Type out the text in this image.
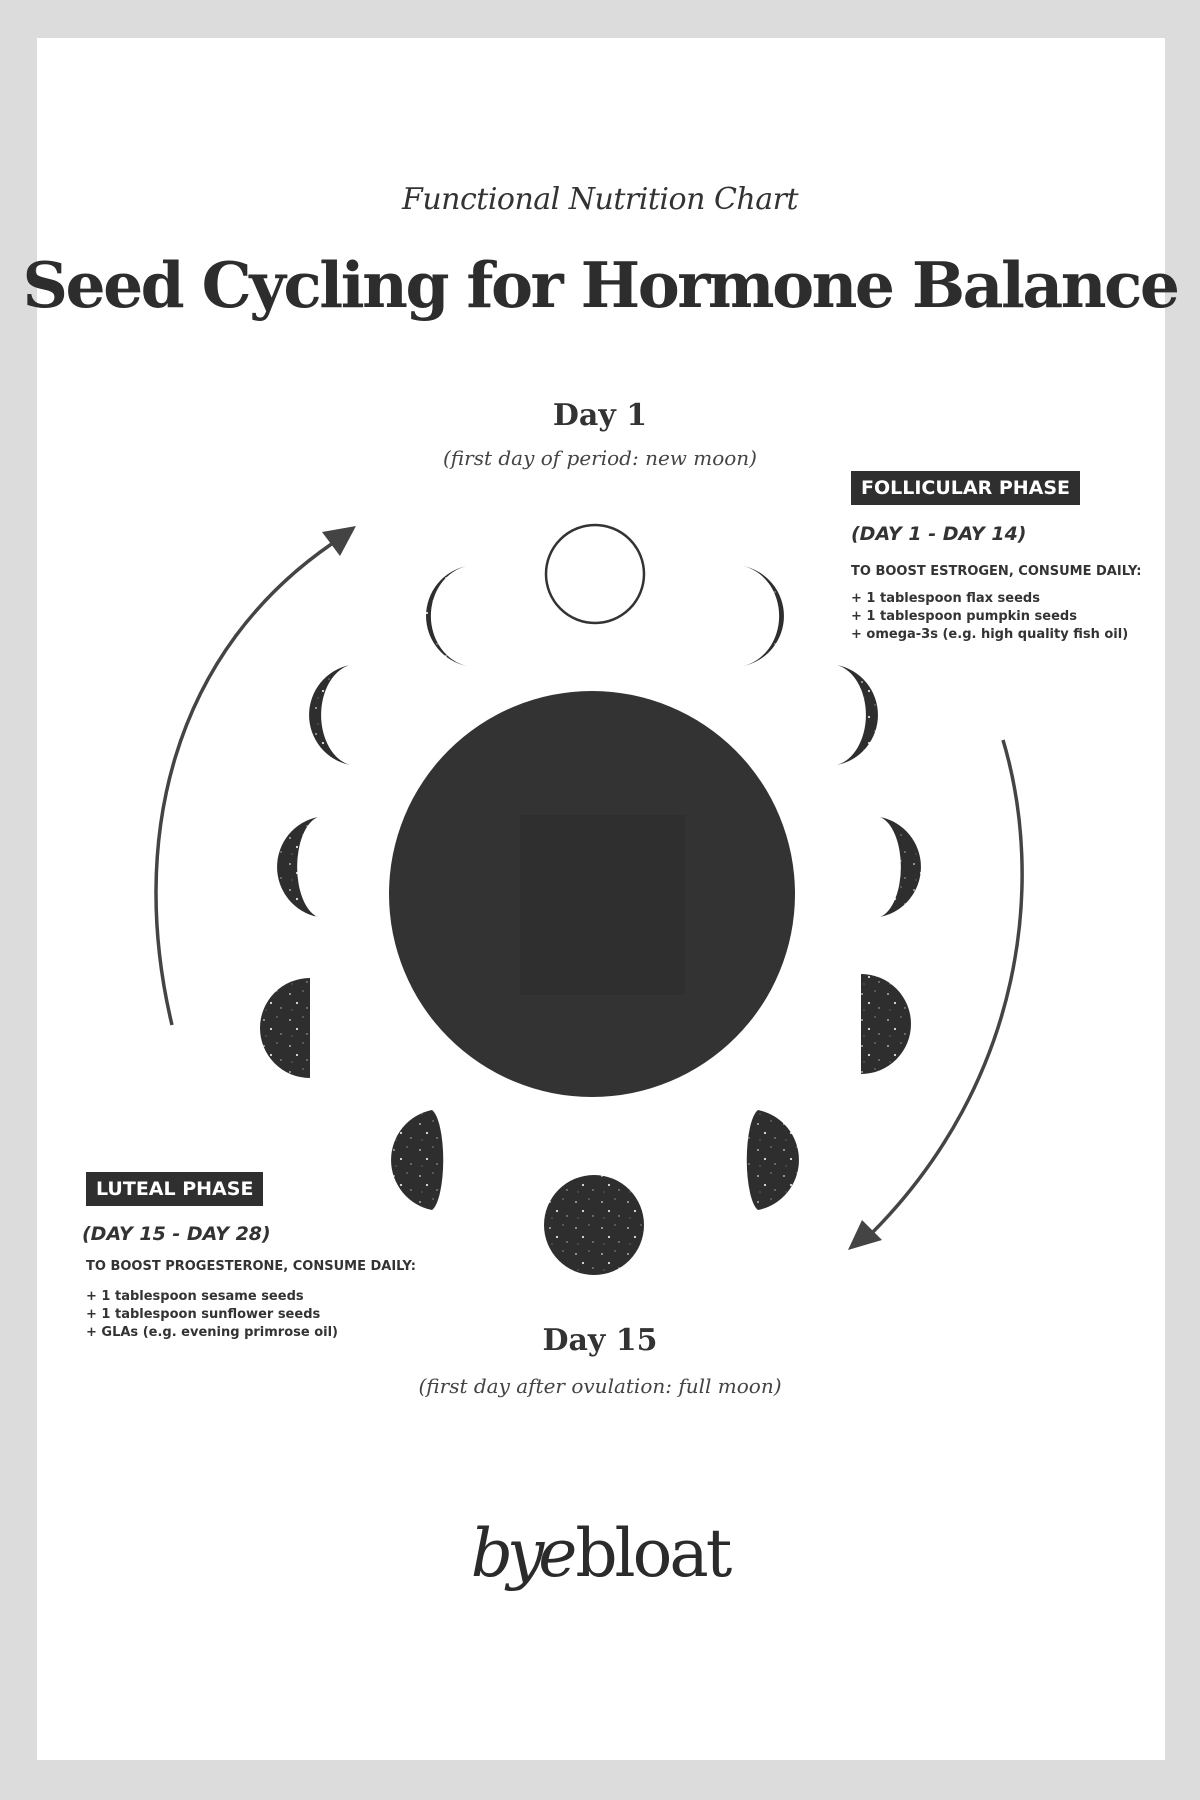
Functional Nutrition Chart
Seed Cycling for Hormone Balance
Day 1
(first day of period: new moon)
FOLLICULAR PHASE
(DAY 1 - DAY 14)
TO BOOST ESTROGEN, CONSUME DAILY:
+ 1 tablespoon flax seeds
+ 1 tablespoon pumpkin seeds
+ omega-3s (e.g. high quality fish oil)
LUTEAL PHASE
(DAY 15 - DAY 28)
TO BOOST PROGESTERONE, CONSUME DAILY:
+ 1 tablespoon sesame seeds
+ 1 tablespoon sunflower seeds
+ GLAs (e.g. evening primrose oil)	Day 15
(first day after ovulation: full moon)
byebloat
